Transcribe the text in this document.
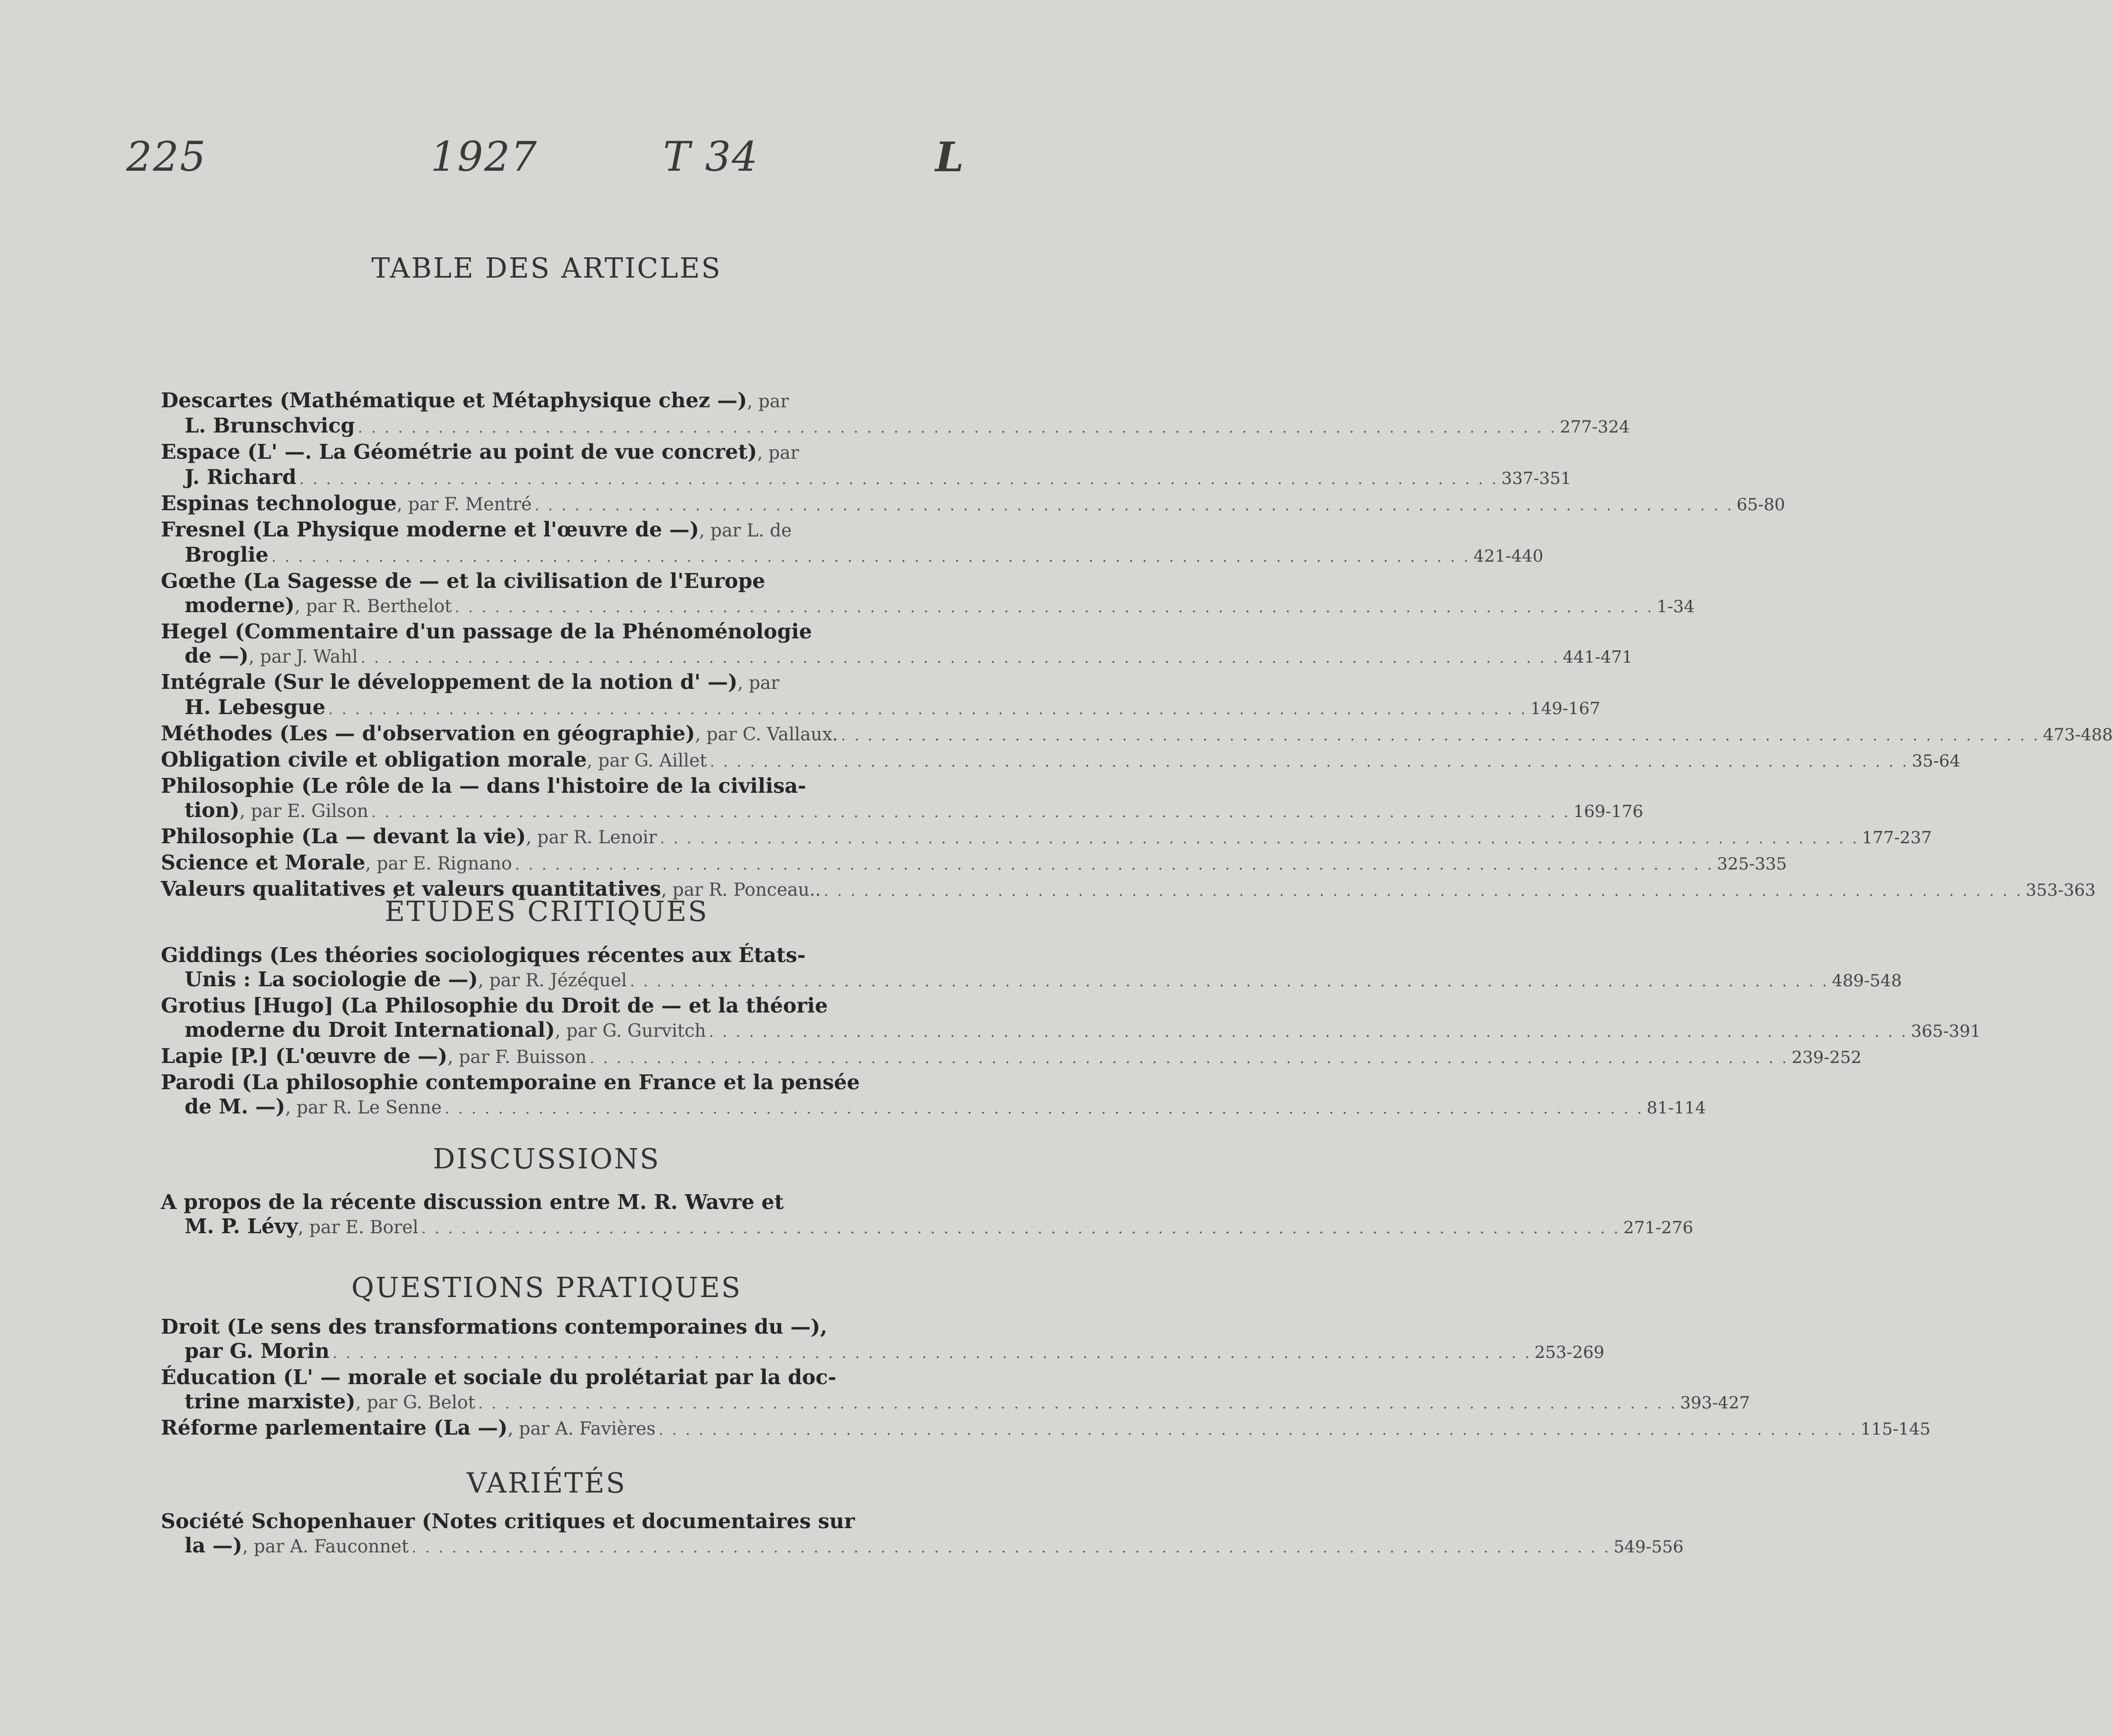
225	1927	T 34	L
TABLE DES ARTICLES
Descartes (Mathématique et Métaphysique chez —), par
L. Brunschvicg . . . . . . . . . . . . . . . . . . . . . . . . . . . . . . . . . . . . . . . . . . . . . . . . . . . . . . . . . . . . . . . . . . . . . . . . . . . . . . . . . . . . . . . . . . 277-324
Espace (L' —. La Géométrie au point de vue concret), par
J. Richard . . . . . . . . . . . . . . . . . . . . . . . . . . . . . . . . . . . . . . . . . . . . . . . . . . . . . . . . . . . . . . . . . . . . . . . . . . . . . . . . . . . . . . . . . . 337-351
Espinas technologue, par F. Mentré . . . . . . . . . . . . . . . . . . . . . . . . . . . . . . . . . . . . . . . . . . . . . . . . . . . . . . . . . . . . . . . . . . . . . . . . . . . . . . . . . . . . . . . . . . 65-80
Fresnel (La Physique moderne et l'œuvre de —), par L. de
Broglie . . . . . . . . . . . . . . . . . . . . . . . . . . . . . . . . . . . . . . . . . . . . . . . . . . . . . . . . . . . . . . . . . . . . . . . . . . . . . . . . . . . . . . . . . . 421-440
Gœthe (La Sagesse de — et la civilisation de l'Europe
moderne), par R. Berthelot . . . . . . . . . . . . . . . . . . . . . . . . . . . . . . . . . . . . . . . . . . . . . . . . . . . . . . . . . . . . . . . . . . . . . . . . . . . . . . . . . . . . . . . . . . 1-34
Hegel (Commentaire d'un passage de la Phénoménologie
de —), par J. Wahl . . . . . . . . . . . . . . . . . . . . . . . . . . . . . . . . . . . . . . . . . . . . . . . . . . . . . . . . . . . . . . . . . . . . . . . . . . . . . . . . . . . . . . . . . . 441-471
Intégrale (Sur le développement de la notion d' —), par
H. Lebesgue . . . . . . . . . . . . . . . . . . . . . . . . . . . . . . . . . . . . . . . . . . . . . . . . . . . . . . . . . . . . . . . . . . . . . . . . . . . . . . . . . . . . . . . . . . 149-167
Méthodes (Les — d'observation en géographie), par C. Vallaux. . . . . . . . . . . . . . . . . . . . . . . . . . . . . . . . . . . . . . . . . . . . . . . . . . . . . . . . . . . . . . . . . . . . . . . . . . . . . . . . . . . . . . . . . . . 473-488
Obligation civile et obligation morale, par G. Aillet . . . . . . . . . . . . . . . . . . . . . . . . . . . . . . . . . . . . . . . . . . . . . . . . . . . . . . . . . . . . . . . . . . . . . . . . . . . . . . . . . . . . . . . . . . 35-64
Philosophie (Le rôle de la — dans l'histoire de la civilisa-
tion), par E. Gilson . . . . . . . . . . . . . . . . . . . . . . . . . . . . . . . . . . . . . . . . . . . . . . . . . . . . . . . . . . . . . . . . . . . . . . . . . . . . . . . . . . . . . . . . . . 169-176
Philosophie (La — devant la vie), par R. Lenoir . . . . . . . . . . . . . . . . . . . . . . . . . . . . . . . . . . . . . . . . . . . . . . . . . . . . . . . . . . . . . . . . . . . . . . . . . . . . . . . . . . . . . . . . . . 177-237
Science et Morale, par E. Rignano . . . . . . . . . . . . . . . . . . . . . . . . . . . . . . . . . . . . . . . . . . . . . . . . . . . . . . . . . . . . . . . . . . . . . . . . . . . . . . . . . . . . . . . . . . 325-335
Valeurs qualitatives et valeurs quantitatives, par R. Ponceau.. . . . . . . . . . . . . . . . . . . . . . . . . . . . . . . . . . . . . . . . . . . . . . . . . . . . . . . . . . . . . . . . . . . . . . . . . . . . . . . . . . . . . . . . . . . 353-363
ÉTUDES CRITIQUES
Giddings (Les théories sociologiques récentes aux États-
Unis : La sociologie de —), par R. Jézéquel . . . . . . . . . . . . . . . . . . . . . . . . . . . . . . . . . . . . . . . . . . . . . . . . . . . . . . . . . . . . . . . . . . . . . . . . . . . . . . . . . . . . . . . . . . 489-548
Grotius [Hugo] (La Philosophie du Droit de — et la théorie
moderne du Droit International), par G. Gurvitch . . . . . . . . . . . . . . . . . . . . . . . . . . . . . . . . . . . . . . . . . . . . . . . . . . . . . . . . . . . . . . . . . . . . . . . . . . . . . . . . . . . . . . . . . . 365-391
Lapie [P.] (L'œuvre de —), par F. Buisson . . . . . . . . . . . . . . . . . . . . . . . . . . . . . . . . . . . . . . . . . . . . . . . . . . . . . . . . . . . . . . . . . . . . . . . . . . . . . . . . . . . . . . . . . . 239-252
Parodi (La philosophie contemporaine en France et la pensée
de M. —), par R. Le Senne . . . . . . . . . . . . . . . . . . . . . . . . . . . . . . . . . . . . . . . . . . . . . . . . . . . . . . . . . . . . . . . . . . . . . . . . . . . . . . . . . . . . . . . . . . 81-114
DISCUSSIONS
A propos de la récente discussion entre M. R. Wavre et
M. P. Lévy, par E. Borel . . . . . . . . . . . . . . . . . . . . . . . . . . . . . . . . . . . . . . . . . . . . . . . . . . . . . . . . . . . . . . . . . . . . . . . . . . . . . . . . . . . . . . . . . . 271-276
QUESTIONS PRATIQUES
Droit (Le sens des transformations contemporaines du —),
par G. Morin . . . . . . . . . . . . . . . . . . . . . . . . . . . . . . . . . . . . . . . . . . . . . . . . . . . . . . . . . . . . . . . . . . . . . . . . . . . . . . . . . . . . . . . . . . 253-269
Éducation (L' — morale et sociale du prolétariat par la doc-
trine marxiste), par G. Belot . . . . . . . . . . . . . . . . . . . . . . . . . . . . . . . . . . . . . . . . . . . . . . . . . . . . . . . . . . . . . . . . . . . . . . . . . . . . . . . . . . . . . . . . . . 393-427
Réforme parlementaire (La —), par A. Favières . . . . . . . . . . . . . . . . . . . . . . . . . . . . . . . . . . . . . . . . . . . . . . . . . . . . . . . . . . . . . . . . . . . . . . . . . . . . . . . . . . . . . . . . . . 115-145
VARIÉTÉS
Société Schopenhauer (Notes critiques et documentaires sur
la —), par A. Fauconnet . . . . . . . . . . . . . . . . . . . . . . . . . . . . . . . . . . . . . . . . . . . . . . . . . . . . . . . . . . . . . . . . . . . . . . . . . . . . . . . . . . . . . . . . . . 549-556
